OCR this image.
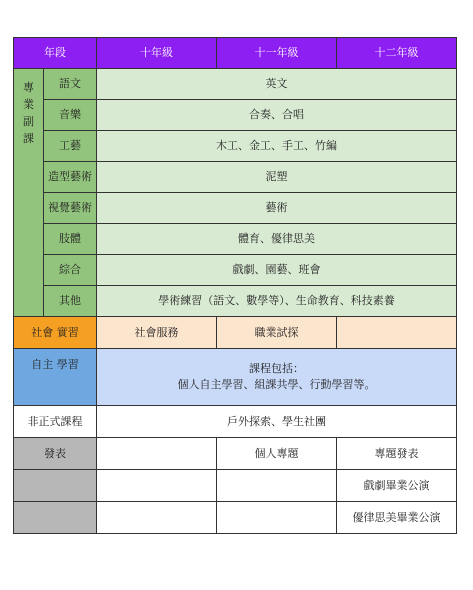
年段		十年級	十一年級	十二年級

專
業
副
課	語文	英文		
	音樂	合奏、合唱		
	工藝	木工、金工、手工、竹編		
	造型藝術	泥塑		
	視覺藝術	藝術		
	肢體	體育、優律思美		
	綜合	戲劇、園藝、班會		
	其他	學術練習（語文、數學等）、生命教育、科技素養		
社會 實習		社會服務	職業試探	
自主 學習		課程包括：
個人自主學習、組課共學、行動學習等。		

非正式課程		戶外探索、學生社團		
發表			個人專題	專題發表
				戲劇畢業公演
				優律思美畢業公演
